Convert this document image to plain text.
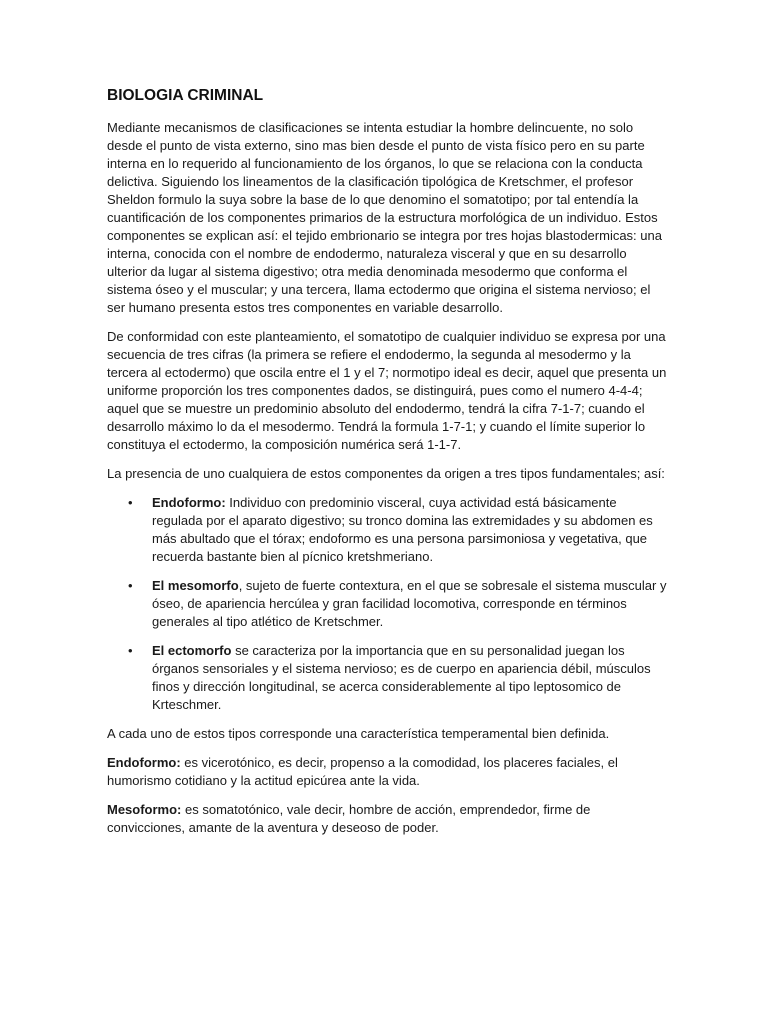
BIOLOGIA CRIMINAL

Mediante mecanismos de clasificaciones se intenta estudiar la hombre delincuente, no solo desde el punto de vista externo, sino mas bien desde el punto de vista físico pero en su parte interna en lo requerido al funcionamiento de los órganos, lo que se relaciona con la conducta delictiva. Siguiendo los lineamentos de la clasificación tipológica de Kretschmer, el profesor Sheldon formulo la suya sobre la base de lo que denomino el somatotipo; por tal entendía la cuantificación de los componentes primarios de la estructura morfológica de un individuo. Estos componentes se explican así: el tejido embrionario se integra por tres hojas blastodermicas: una interna, conocida con el nombre de endodermo, naturaleza visceral y que en su desarrollo ulterior da lugar al sistema digestivo; otra media denominada mesodermo que conforma el sistema óseo y el muscular; y una tercera, llama ectodermo que origina el sistema nervioso; el ser humano presenta estos tres componentes en variable desarrollo.

De conformidad con este planteamiento, el somatotipo de cualquier individuo se expresa por una secuencia de tres cifras (la primera se refiere el endodermo, la segunda al mesodermo y la tercera al ectodermo) que oscila entre el 1 y el 7; normotipo ideal es decir, aquel que presenta un uniforme proporción los tres componentes dados, se distinguirá, pues como el numero 4-4-4; aquel que se muestre un predominio absoluto del endodermo, tendrá la cifra 7-1-7; cuando el desarrollo máximo lo da el mesodermo. Tendrá la formula 1-7-1; y cuando el límite superior lo constituya el ectodermo, la composición numérica será 1-1-7.

La presencia de uno cualquiera de estos componentes da origen a tres tipos fundamentales; así:

• Endoformo: Individuo con predominio visceral, cuya actividad está básicamente regulada por el aparato digestivo; su tronco domina las extremidades y su abdomen es más abultado que el tórax; endoformo es una persona parsimoniosa y vegetativa, que recuerda bastante bien al pícnico kretshmeriano.
• El mesomorfo, sujeto de fuerte contextura, en el que se sobresale el sistema muscular y óseo, de apariencia hercúlea y gran facilidad locomotiva, corresponde en términos generales al tipo atlético de Kretschmer.
• El ectomorfo se caracteriza por la importancia que en su personalidad juegan los órganos sensoriales y el sistema nervioso; es de cuerpo en apariencia débil, músculos finos y dirección longitudinal, se acerca considerablemente al tipo leptosomico de Krteschmer.

A cada uno de estos tipos corresponde una característica temperamental bien definida.

Endoformo: es vicerotónico, es decir, propenso a la comodidad, los placeres faciales, el humorismo cotidiano y la actitud epicúrea ante la vida.

Mesoformo: es somatotónico, vale decir, hombre de acción, emprendedor, firme de convicciones, amante de la aventura y deseoso de poder.
